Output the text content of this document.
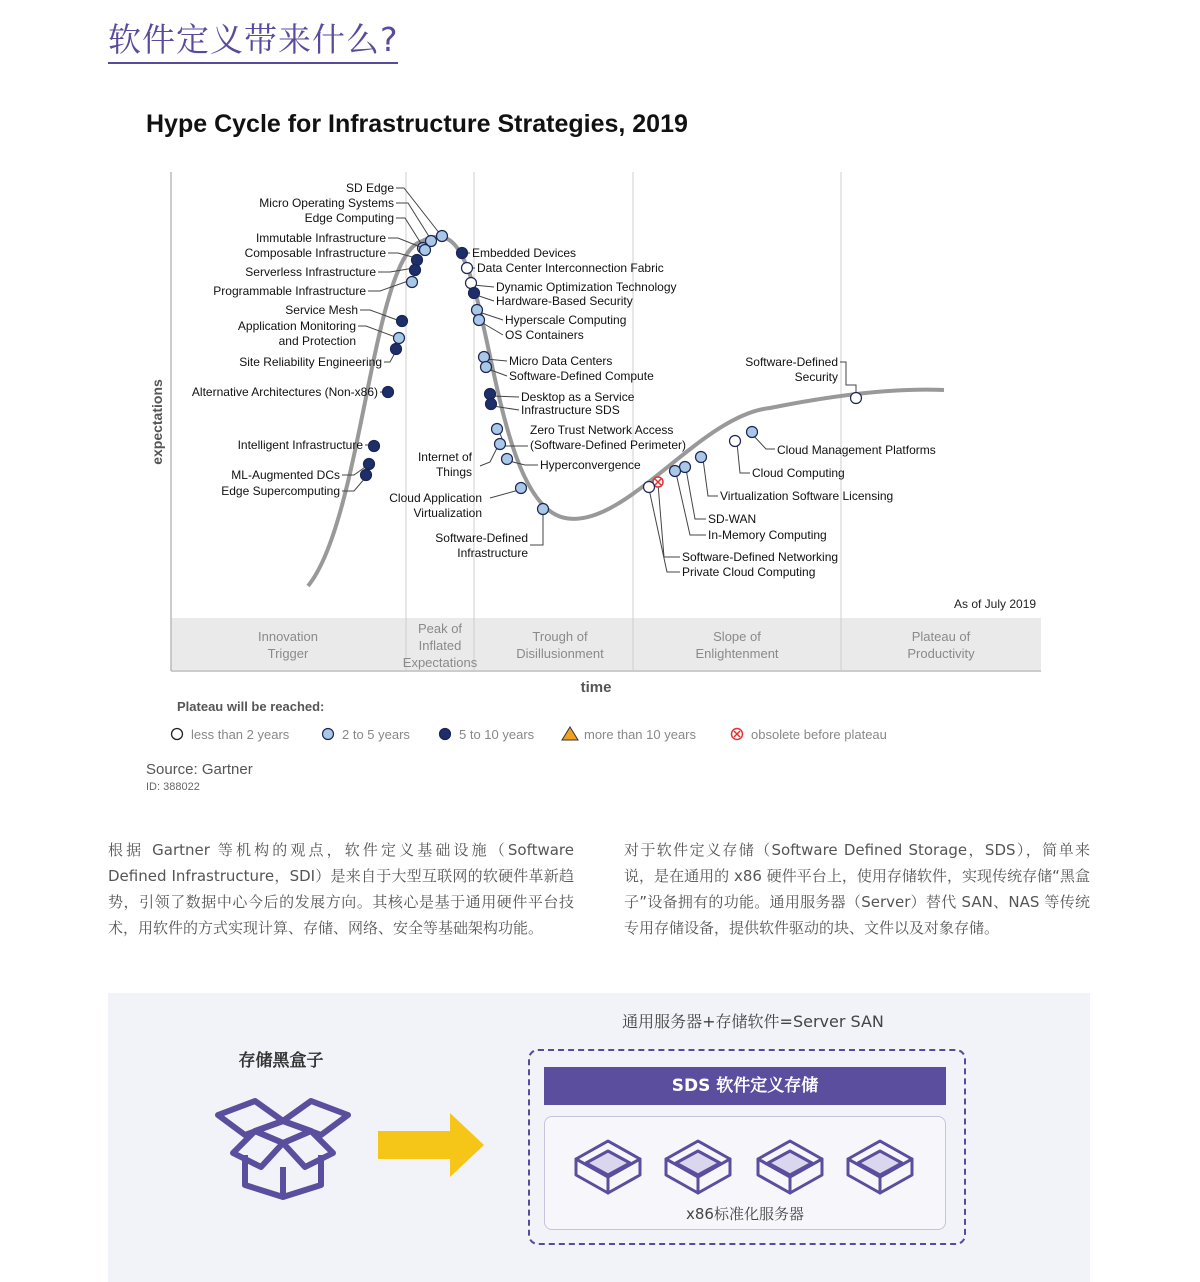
软件定义带来什么?
Hype Cycle for Infrastructure Strategies, 2019
Innovation
Trigger
Peak of
Inflated
Expectations
Trough of
Disillusionment
Slope of
Enlightenment
Plateau of
Productivity
SD Edge
Micro Operating Systems
Edge Computing
Immutable Infrastructure
Composable Infrastructure
Serverless Infrastructure
Programmable Infrastructure
Service Mesh
Application Monitoring
and Protection
Site Reliability Engineering
Alternative Architectures (Non-x86)
Intelligent Infrastructure
ML-Augmented DCs
Edge Supercomputing
Embedded Devices
Data Center Interconnection Fabric
Dynamic Optimization Technology
Hardware-Based Security
Hyperscale Computing
OS Containers
Micro Data Centers
Software-Defined Compute
Desktop as a Service
Infrastructure SDS
Zero Trust Network Access
(Software-Defined Perimeter)
Internet of
Things	Hyperconvergence
Cloud Application
Virtualization
Software-Defined
Infrastructure
Software-Defined
Security
Cloud Management Platforms
Cloud Computing
Virtualization Software Licensing
SD-WAN
In-Memory Computing
Software-Defined Networking
Private Cloud Computing
As of July 2019
expectations
time
Plateau will be reached:
less than 2 years	2 to 5 years	5 to 10 years	more than 10 years	obsolete before plateau
Source: Gartner
ID: 388022

根据 Gartner 等机构的观点，软件定义基础设施（Software Defined Infrastructure，SDI）是来自于大型互联网的软硬件革新趋势，引领了数据中心今后的发展方向。其核心是基于通用硬件平台技术，用软件的方式实现计算、存储、网络、安全等基础架构功能。

对于软件定义存储（Software Defined Storage，SDS），简单来说，是在通用的 x86 硬件平台上，使用存储软件，实现传统存储“黑盒子”设备拥有的功能。通用服务器（Server）替代 SAN、NAS 等传统专用存储设备，提供软件驱动的块、文件以及对象存储。

通用服务器+存储软件=Server SAN
存储黑盒子
SDS 软件定义存储
x86标准化服务器
